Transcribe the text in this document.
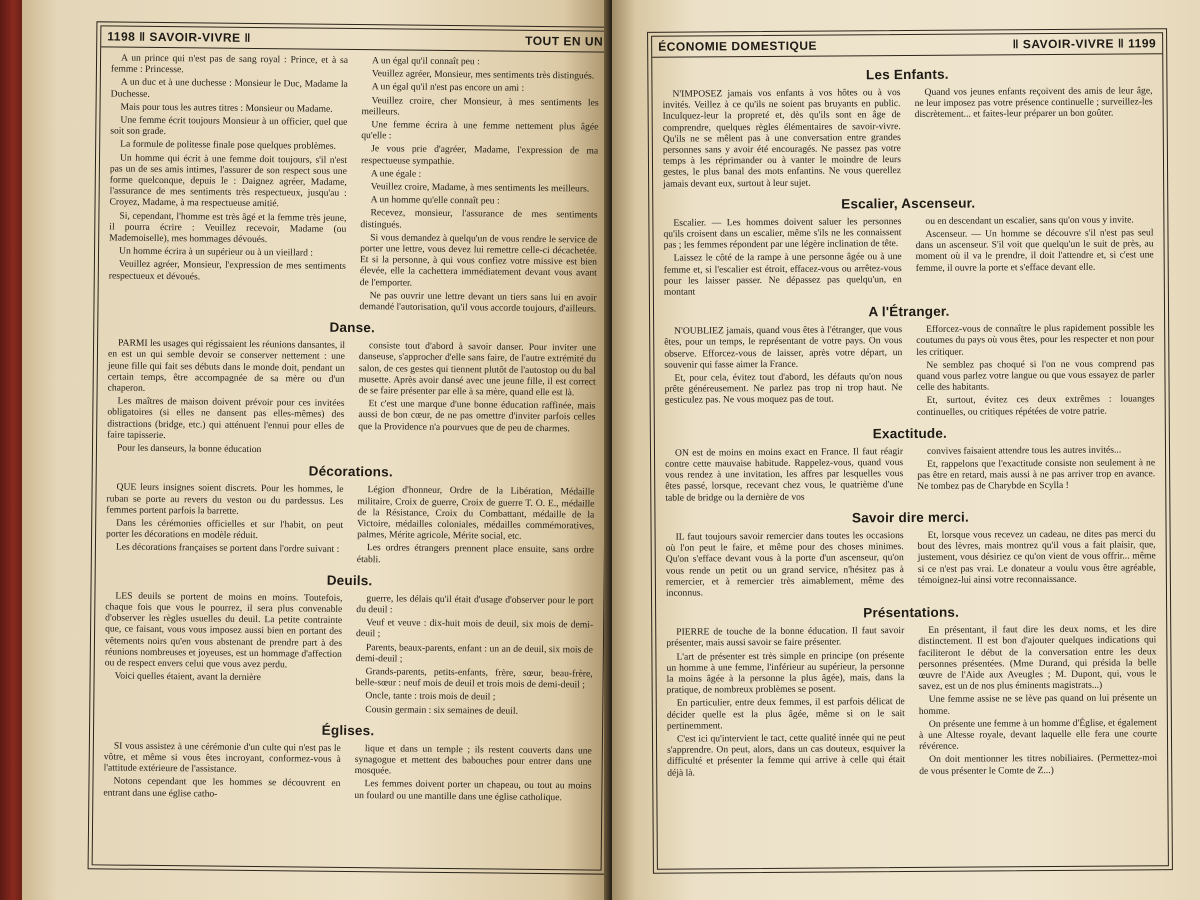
1198 ‖ SAVOIR-VIVRE ‖	TOUT EN UN

A un prince qui n'est pas de sang royal : Prince, et à sa femme : Princesse.

A un duc et à une duchesse : Monsieur le Duc, Madame la Duchesse.

Mais pour tous les autres titres : Monsieur ou Madame.

Une femme écrit toujours Monsieur à un officier, quel que soit son grade.

La formule de politesse finale pose quelques problèmes.

Un homme qui écrit à une femme doit toujours, s'il n'est pas un de ses amis intimes, l'assurer de son respect sous une forme quelconque, depuis le : Daignez agréer, Madame, l'assurance de mes sentiments très respectueux, jusqu'au : Croyez, Madame, à ma respectueuse amitié.

Si, cependant, l'homme est très âgé et la femme très jeune, il pourra écrire : Veuillez recevoir, Madame (ou Mademoiselle), mes hommages dévoués.

Un homme écrira à un supérieur ou à un vieillard :

Veuillez agréer, Monsieur, l'expression de mes sentiments respectueux et dévoués.

A un égal qu'il connaît peu :

Veuillez agréer, Monsieur, mes sentiments très distingués.

A un égal qu'il n'est pas encore un ami :

Veuillez croire, cher Monsieur, à mes sentiments les meilleurs.

Une femme écrira à une femme nettement plus âgée qu'elle :

Je vous prie d'agréer, Madame, l'expression de ma respectueuse sympathie.

A une égale :

Veuillez croire, Madame, à mes sentiments les meilleurs.

A un homme qu'elle connaît peu :

Recevez, monsieur, l'assurance de mes sentiments distingués.

Si vous demandez à quelqu'un de vous rendre le service de porter une lettre, vous devez lui remettre celle-ci décachetée. Et si la personne, à qui vous confiez votre missive est bien élevée, elle la cachettera immédiatement devant vous avant de l'emporter.

Ne pas ouvrir une lettre devant un tiers sans lui en avoir demandé l'autorisation, qu'il vous accorde toujours, d'ailleurs.

Danse.

PARMI les usages qui régissaient les réunions dansantes, il en est un qui semble devoir se conserver nettement : une jeune fille qui fait ses débuts dans le monde doit, pendant un certain temps, être accompagnée de sa mère ou d'un chaperon.

Les maîtres de maison doivent prévoir pour ces invitées obligatoires (si elles ne dansent pas elles-mêmes) des distractions (bridge, etc.) qui atténuent l'ennui pour elles de faire tapisserie.

Pour les danseurs, la bonne éducation

consiste tout d'abord à savoir danser. Pour inviter une danseuse, s'approcher d'elle sans faire, de l'autre extrémité du salon, de ces gestes qui tiennent plutôt de l'autostop ou du bal musette. Après avoir dansé avec une jeune fille, il est correct de se faire présenter par elle à sa mère, quand elle est là.

Et c'est une marque d'une bonne éducation raffinée, mais aussi de bon cœur, de ne pas omettre d'inviter parfois celles que la Providence n'a pourvues que de peu de charmes.

Décorations.

QUE leurs insignes soient discrets. Pour les hommes, le ruban se porte au revers du veston ou du pardessus. Les femmes portent parfois la barrette.

Dans les cérémonies officielles et sur l'habit, on peut porter les décorations en modèle réduit.

Les décorations françaises se portent dans l'ordre suivant :

Légion d'honneur, Ordre de la Libération, Médaille militaire, Croix de guerre, Croix de guerre T. O. E., médaille de la Résistance, Croix du Combattant, médaille de la Victoire, médailles coloniales, médailles commémoratives, palmes, Mérite agricole, Mérite social, etc.

Les ordres étrangers prennent place ensuite, sans ordre établi.

Deuils.

LES deuils se portent de moins en moins. Toutefois, chaque fois que vous le pourrez, il sera plus convenable d'observer les règles usuelles du deuil. La petite contrainte que, ce faisant, vous vous imposez aussi bien en portant des vêtements noirs qu'en vous abstenant de prendre part à des réunions nombreuses et joyeuses, est un hommage d'affection ou de respect envers celui que vous avez perdu.

Voici quelles étaient, avant la dernière

guerre, les délais qu'il était d'usage d'observer pour le port du deuil :

Veuf et veuve : dix-huit mois de deuil, six mois de demi-deuil ;

Parents, beaux-parents, enfant : un an de deuil, six mois de demi-deuil ;

Grands-parents, petits-enfants, frère, sœur, beau-frère, belle-sœur : neuf mois de deuil et trois mois de demi-deuil ;

Oncle, tante : trois mois de deuil ;

Cousin germain : six semaines de deuil.

Églises.

SI vous assistez à une cérémonie d'un culte qui n'est pas le vôtre, et même si vous êtes incroyant, conformez-vous à l'attitude extérieure de l'assistance.

Notons cependant que les hommes se découvrent en entrant dans une église catho-

lique et dans un temple ; ils restent couverts dans une synagogue et mettent des babouches pour entrer dans une mosquée.

Les femmes doivent porter un chapeau, ou tout au moins un foulard ou une mantille dans une église catholique.

ÉCONOMIE DOMESTIQUE	‖ SAVOIR-VIVRE ‖ 1199
Les Enfants.

N'IMPOSEZ jamais vos enfants à vos hôtes ou à vos invités. Veillez à ce qu'ils ne soient pas bruyants en public. Inculquez-leur la propreté et, dès qu'ils sont en âge de comprendre, quelques règles élémentaires de savoir-vivre. Qu'ils ne se mêlent pas à une conversation entre grandes personnes sans y avoir été encouragés. Ne passez pas votre temps à les réprimander ou à vanter le moindre de leurs gestes, le plus banal des mots enfantins. Ne vous querellez jamais devant eux, surtout à leur sujet.

Quand vos jeunes enfants reçoivent des amis de leur âge, ne leur imposez pas votre présence continuelle ; surveillez-les discrètement... et faites-leur préparer un bon goûter.

Escalier, Ascenseur.

Escalier. — Les hommes doivent saluer les personnes qu'ils croisent dans un escalier, même s'ils ne les connaissent pas ; les femmes répondent par une légère inclination de tête.

Laissez le côté de la rampe à une personne âgée ou à une femme et, si l'escalier est étroit, effacez-vous ou arrêtez-vous pour les laisser passer. Ne dépassez pas quelqu'un, en montant

ou en descendant un escalier, sans qu'on vous y invite.

Ascenseur. — Un homme se découvre s'il n'est pas seul dans un ascenseur. S'il voit que quelqu'un le suit de près, au moment où il va le prendre, il doit l'attendre et, si c'est une femme, il ouvre la porte et s'efface devant elle.

A l'Étranger.

N'OUBLIEZ jamais, quand vous êtes à l'étranger, que vous êtes, pour un temps, le représentant de votre pays. On vous observe. Efforcez-vous de laisser, après votre départ, un souvenir qui fasse aimer la France.

Et, pour cela, évitez tout d'abord, les défauts qu'on nous prête généreusement. Ne parlez pas trop ni trop haut. Ne gesticulez pas. Ne vous moquez pas de tout.

Efforcez-vous de connaître le plus rapidement possible les coutumes du pays où vous êtes, pour les respecter et non pour les critiquer.

Ne semblez pas choqué si l'on ne vous comprend pas quand vous parlez votre langue ou que vous essayez de parler celle des habitants.

Et, surtout, évitez ces deux extrêmes : louanges continuelles, ou critiques répétées de votre patrie.

Exactitude.

ON est de moins en moins exact en France. Il faut réagir contre cette mauvaise habitude. Rappelez-vous, quand vous vous rendez à une invitation, les affres par lesquelles vous êtes passé, lorsque, recevant chez vous, le quatrième d'une table de bridge ou la dernière de vos

convives faisaient attendre tous les autres invités...

Et, rappelons que l'exactitude consiste non seulement à ne pas être en retard, mais aussi à ne pas arriver trop en avance. Ne tombez pas de Charybde en Scylla !

Savoir dire merci.

IL faut toujours savoir remercier dans toutes les occasions où l'on peut le faire, et même pour des choses minimes. Qu'on s'efface devant vous à la porte d'un ascenseur, qu'on vous rende un petit ou un grand service, n'hésitez pas à remercier, et à remercier très aimablement, même des inconnus.

Et, lorsque vous recevez un cadeau, ne dites pas merci du bout des lèvres, mais montrez qu'il vous a fait plaisir, que, justement, vous désiriez ce qu'on vient de vous offrir... même si ce n'est pas vrai. Le donateur a voulu vous être agréable, témoignez-lui ainsi votre reconnaissance.

Présentations.

PIERRE de touche de la bonne éducation. Il faut savoir présenter, mais aussi savoir se faire présenter.

L'art de présenter est très simple en principe (on présente un homme à une femme, l'inférieur au supérieur, la personne la moins âgée à la personne la plus âgée), mais, dans la pratique, de nombreux problèmes se posent.

En particulier, entre deux femmes, il est parfois délicat de décider quelle est la plus âgée, même si on le sait pertinemment.

C'est ici qu'intervient le tact, cette qualité innée qui ne peut s'apprendre. On peut, alors, dans un cas douteux, esquiver la difficulté et présenter la femme qui arrive à celle qui était déjà là.

En présentant, il faut dire les deux noms, et les dire distinctement. Il est bon d'ajouter quelques indications qui faciliteront le début de la conversation entre les deux personnes présentées. (Mme Durand, qui présida la belle œuvre de l'Aide aux Aveugles ; M. Dupont, qui, vous le savez, est un de nos plus éminents magistrats...)

Une femme assise ne se lève pas quand on lui présente un homme.

On présente une femme à un homme d'Église, et également à une Altesse royale, devant laquelle elle fera une courte révérence.

On doit mentionner les titres nobiliaires. (Permettez-moi de vous présenter le Comte de Z...)
